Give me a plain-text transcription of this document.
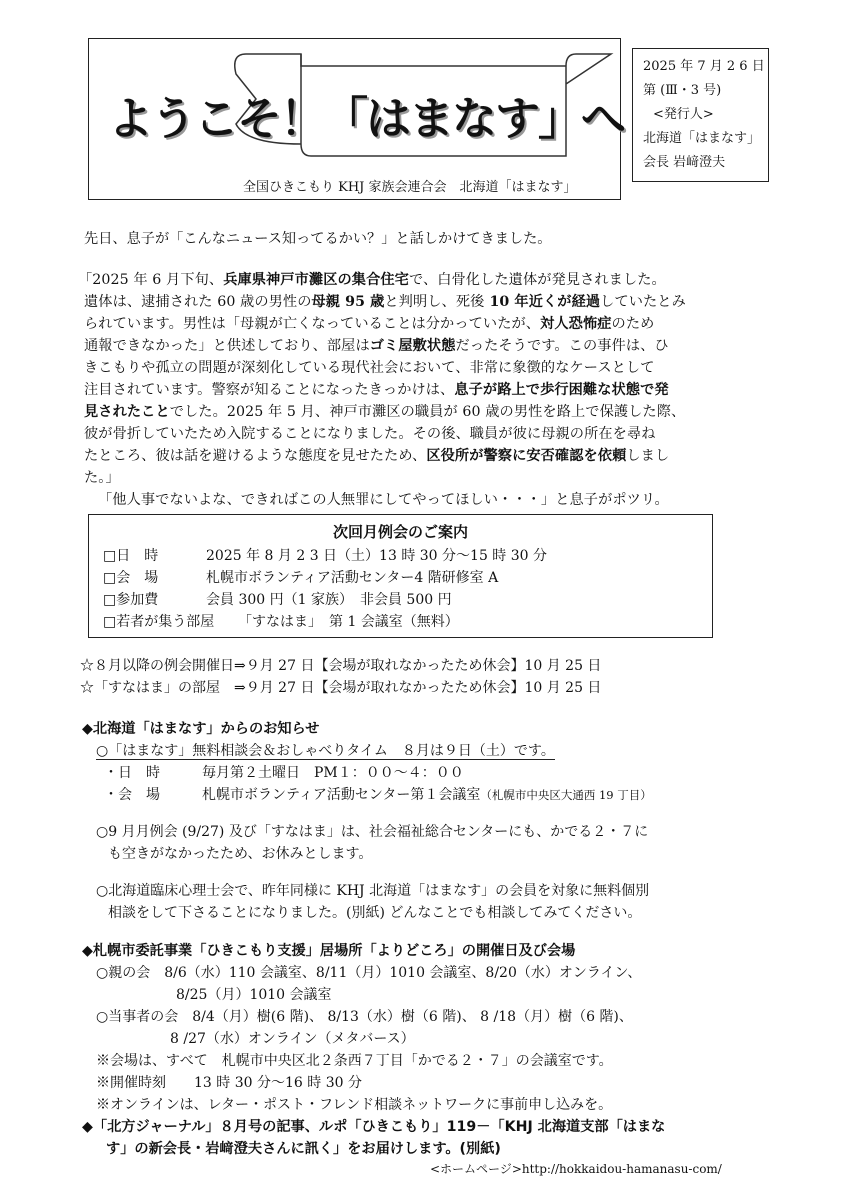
ようこそ！「はまなす」へ
全国ひきこもり KHJ 家族会連合会　北海道「はまなす」
2025 年 7 月 2 6 日
第 (Ⅲ・3 号)
<発行人>
北海道「はまなす」
会長 岩﨑澄夫
先日、息子が「こんなニュース知ってるかい？」と話しかけてきました。
「2025 年 6 月下旬、兵庫県神戸市灘区の集合住宅で、白骨化した遺体が発見されました。
遺体は、逮捕された 60 歳の男性の母親 95 歳と判明し、死後 10 年近くが経過していたとみ
られています。男性は「母親が亡くなっていることは分かっていたが、対人恐怖症のため
通報できなかった」と供述しており、部屋はゴミ屋敷状態だったそうです。この事件は、ひ
きこもりや孤立の問題が深刻化している現代社会において、非常に象徴的なケースとして
注目されています。警察が知ることになったきっかけは、息子が路上で歩行困難な状態で発
見されたことでした。2025 年 5 月、神戸市灘区の職員が 60 歳の男性を路上で保護した際、
彼が骨折していたため入院することになりました。その後、職員が彼に母親の所在を尋ね
たところ、彼は話を避けるような態度を見せたため、区役所が警察に安否確認を依頼しまし
た。」
「他人事でないよな、できればこの人無罪にしてやってほしい・・・」と息子がポツリ。
次回月例会のご案内
□日　時	2025 年 8 月 2 3 日（土）13 時 30 分～15 時 30 分
□会　場	札幌市ボランティア活動センター4 階研修室 A
□参加費	会員 300 円（1 家族）　非会員 500 円
□若者が集う部屋 「すなはま」　第 1 会議室（無料）
☆８月以降の例会開催日⇒９月 27 日【会場が取れなかったため休会】10 月 25 日
☆「すなはま」の部屋　⇒９月 27 日【会場が取れなかったため休会】10 月 25 日
◆北海道「はまなす」からのお知らせ
○「はまなす」無料相談会＆おしゃべりタイム　８月は９日（土）です。
・日　時	毎月第２土曜日　PM１：００～４：００
・会　場	札幌市ボランティア活動センター第１会議室（札幌市中央区大通西 19 丁目）
○9 月月例会 (9/27) 及び「すなはま」は、社会福祉総合センターにも、かでる２・７に
も空きがなかったため、お休みとします。
○北海道臨床心理士会で、昨年同様に KHJ 北海道「はまなす」の会員を対象に無料個別
相談をして下さることになりました。(別紙) どんなことでも相談してみてください。
◆札幌市委託事業「ひきこもり支援」居場所「よりどころ」の開催日及び会場
○親の会　8/6（水）110 会議室、8/11（月）1010 会議室、8/20（水）オンライン、
8/25（月）1010 会議室
○当事者の会　8/4（月）樹(6 階)、 8/13（水）樹（6 階)、 8 /18（月）樹（6 階)、
8 /27（水）オンライン（メタバース）
※会場は、すべて　札幌市中央区北２条西７丁目「かでる２・７」の会議室です。
※開催時刻　　13 時 30 分～16 時 30 分
※オンラインは、レター・ポスト・フレンド相談ネットワークに事前申し込みを。
◆「北方ジャーナル」８月号の記事、ルポ「ひきこもり」119－「KHJ 北海道支部「はまな
す」の新会長・岩﨑澄夫さんに訊く」をお届けします。(別紙)
<ホームページ>http://hokkaidou-hamanasu-com/
